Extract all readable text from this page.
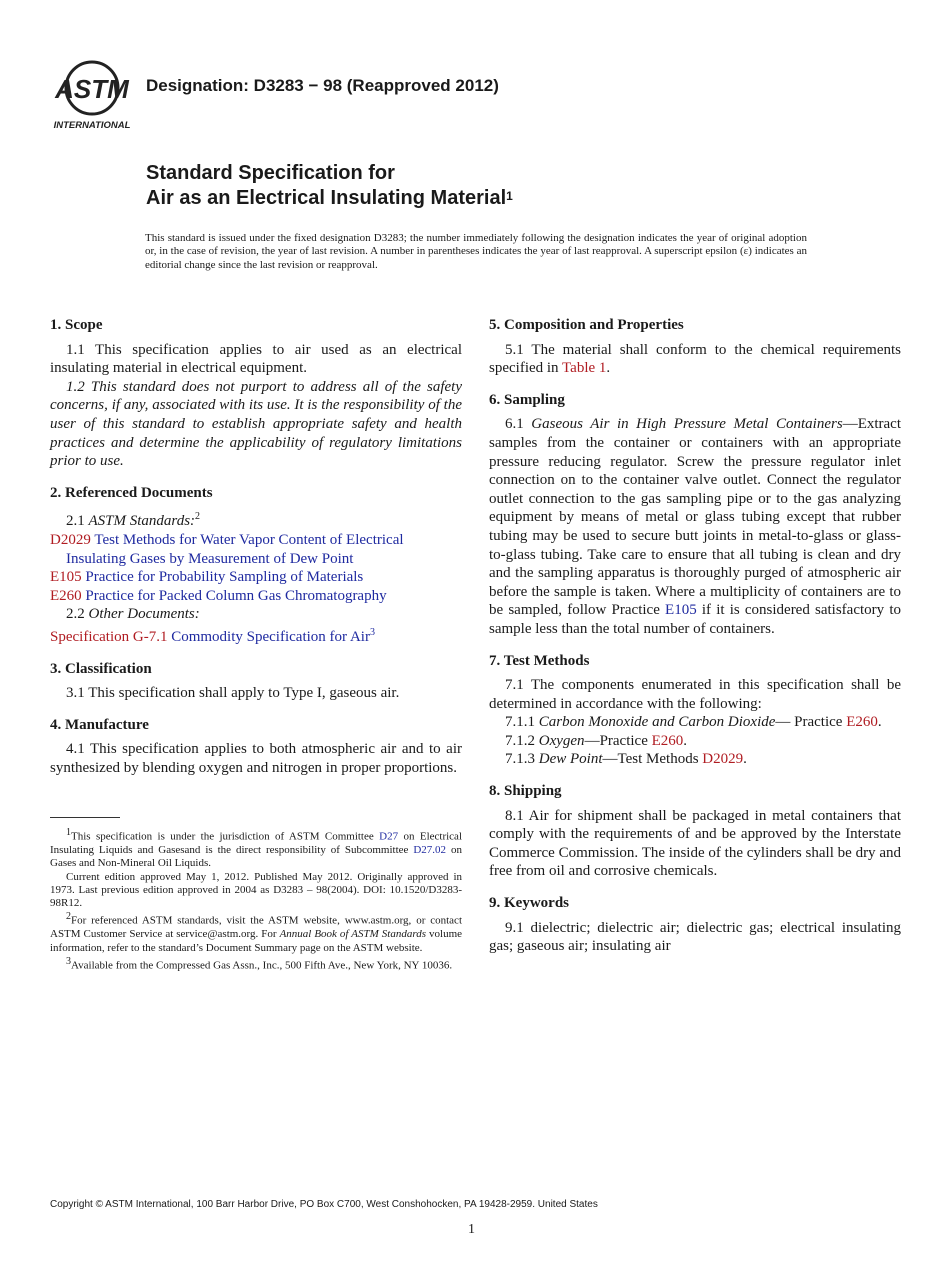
ASTM
INTERNATIONAL
Designation: D3283 − 98 (Reapproved 2012)
Standard Specification for
Air as an Electrical Insulating Material$^1$
This standard is issued under the fixed designation D3283; the number immediately following the designation indicates the year of original adoption or, in the case of revision, the year of last revision. A number in parentheses indicates the year of last reapproval. A superscript epsilon (ε) indicates an editorial change since the last revision or reapproval.
1. Scope

1.1 This specification applies to air used as an electrical insulating material in electrical equipment.

1.2 This standard does not purport to address all of the safety concerns, if any, associated with its use. It is the responsibility of the user of this standard to establish appropriate safety and health practices and determine the applicability of regulatory limitations prior to use.

2. Referenced Documents

2.1 ASTM Standards:$^2$

D2029 Test Methods for Water Vapor Content of Electrical Insulating Gases by Measurement of Dew Point
E105 Practice for Probability Sampling of Materials
E260 Practice for Packed Column Gas Chromatography

2.2 Other Documents:

Specification G-7.1 Commodity Specification for Air$^3$
3. Classification

3.1 This specification shall apply to Type I, gaseous air.

4. Manufacture

4.1 This specification applies to both atmospheric air and to air synthesized by blending oxygen and nitrogen in proper proportions.

5. Composition and Properties

5.1 The material shall conform to the chemical requirements specified in Table 1.

6. Sampling

6.1 Gaseous Air in High Pressure Metal Containers—Extract samples from the container or containers with an appropriate pressure reducing regulator. Screw the pressure regulator inlet connection on to the container valve outlet. Connect the regulator outlet connection to the gas sampling pipe or to the gas analyzing equipment by means of metal or glass tubing except that rubber tubing may be used to secure butt joints in metal-to-glass or glass-to-glass tubing. Take care to ensure that all tubing is clean and dry and the sampling apparatus is thoroughly purged of atmospheric air before the sample is taken. Where a multiplicity of containers are to be sampled, follow Practice E105 if it is considered satisfactory to sample less than the total number of containers.

7. Test Methods

7.1 The components enumerated in this specification shall be determined in accordance with the following:

7.1.1 Carbon Monoxide and Carbon Dioxide— Practice E260.

7.1.2 Oxygen—Practice E260.

7.1.3 Dew Point—Test Methods D2029.

8. Shipping

8.1 Air for shipment shall be packaged in metal containers that comply with the requirements of and be approved by the Interstate Commerce Commission. The inside of the cylinders shall be dry and free from oil and corrosive chemicals.

9. Keywords

9.1 dielectric; dielectric air; dielectric gas; electrical insulating gas; gaseous air; insulating air

$^1$This specification is under the jurisdiction of ASTM Committee D27 on Electrical Insulating Liquids and Gasesand is the direct responsibility of Subcommittee D27.02 on Gases and Non-Mineral Oil Liquids.

Current edition approved May 1, 2012. Published May 2012. Originally approved in 1973. Last previous edition approved in 2004 as D3283 – 98(2004). DOI: 10.1520/D3283-98R12.

$^2$For referenced ASTM standards, visit the ASTM website, www.astm.org, or contact ASTM Customer Service at service@astm.org. For Annual Book of ASTM Standards volume information, refer to the standard’s Document Summary page on the ASTM website.

$^3$Available from the Compressed Gas Assn., Inc., 500 Fifth Ave., New York, NY 10036.

Copyright © ASTM International, 100 Barr Harbor Drive, PO Box C700, West Conshohocken, PA 19428-2959. United States
1
